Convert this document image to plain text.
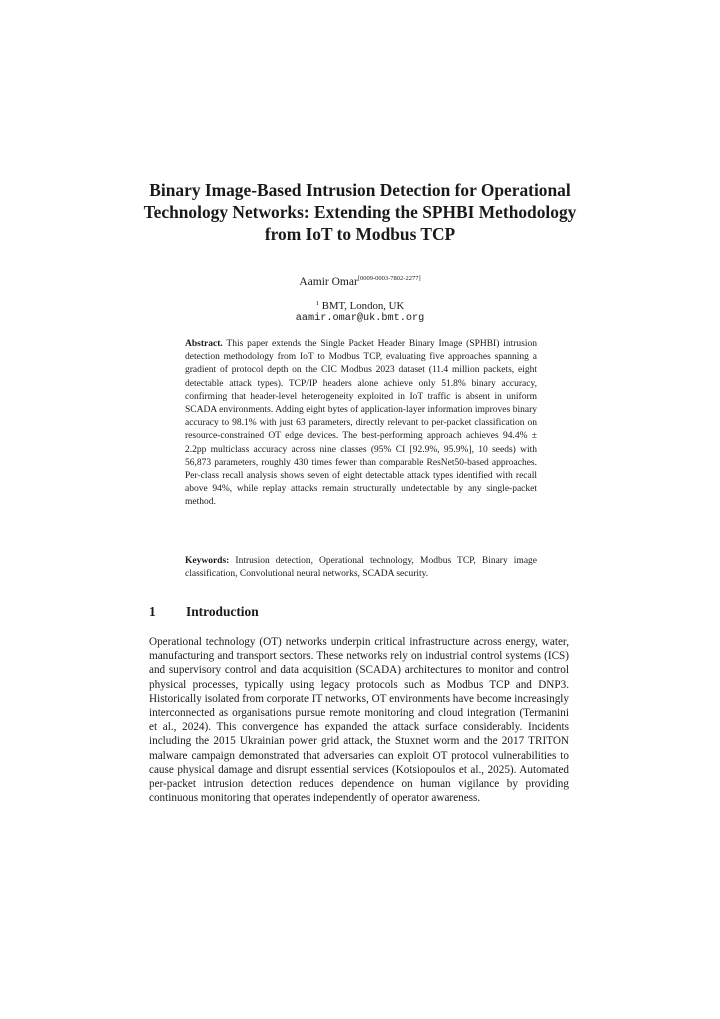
Binary Image-Based Intrusion Detection for Operational Technology Networks: Extending the SPHBI Methodology from IoT to Modbus TCP
Aamir Omar[0009-0003-7802-2277]
$^1$ BMT, London, UK
aamir.omar@uk.bmt.org

Abstract. This paper extends the Single Packet Header Binary Image (SPHBI) intrusion detection methodology from IoT to Modbus TCP, evaluating five approaches spanning a gradient of protocol depth on the CIC Modbus 2023 dataset (11.4 million packets, eight detectable attack types). TCP/IP headers alone achieve only 51.8% binary accuracy, confirming that header-level heterogeneity exploited in IoT traffic is absent in uniform SCADA environments. Adding eight bytes of application-layer information improves binary accuracy to 98.1% with just 63 parameters, directly relevant to per-packet classification on resource-constrained OT edge devices. The best-performing approach achieves 94.4% ± 2.2pp multiclass accuracy across nine classes (95% CI [92.9%, 95.9%], 10 seeds) with 56,873 parameters, roughly 430 times fewer than comparable ResNet50-based approaches. Per-class recall analysis shows seven of eight detectable attack types identified with recall above 94%, while replay attacks remain structurally undetectable by any single-packet method.

Keywords: Intrusion detection, Operational technology, Modbus TCP, Binary image classification, Convolutional neural networks, SCADA security.

1 Introduction

Operational technology (OT) networks underpin critical infrastructure across energy, water, manufacturing and transport sectors. These networks rely on industrial control systems (ICS) and supervisory control and data acquisition (SCADA) architectures to monitor and control physical processes, typically using legacy protocols such as Modbus TCP and DNP3. Historically isolated from corporate IT networks, OT environments have become increasingly interconnected as organisations pursue remote monitoring and cloud integration (Termanini et al., 2024). This convergence has expanded the attack surface considerably. Incidents including the 2015 Ukrainian power grid attack, the Stuxnet worm and the 2017 TRITON malware campaign demonstrated that adversaries can exploit OT protocol vulnerabilities to cause physical damage and disrupt essential services (Kotsiopoulos et al., 2025). Automated per-packet intrusion detection reduces dependence on human vigilance by providing continuous monitoring that operates independently of operator awareness.
